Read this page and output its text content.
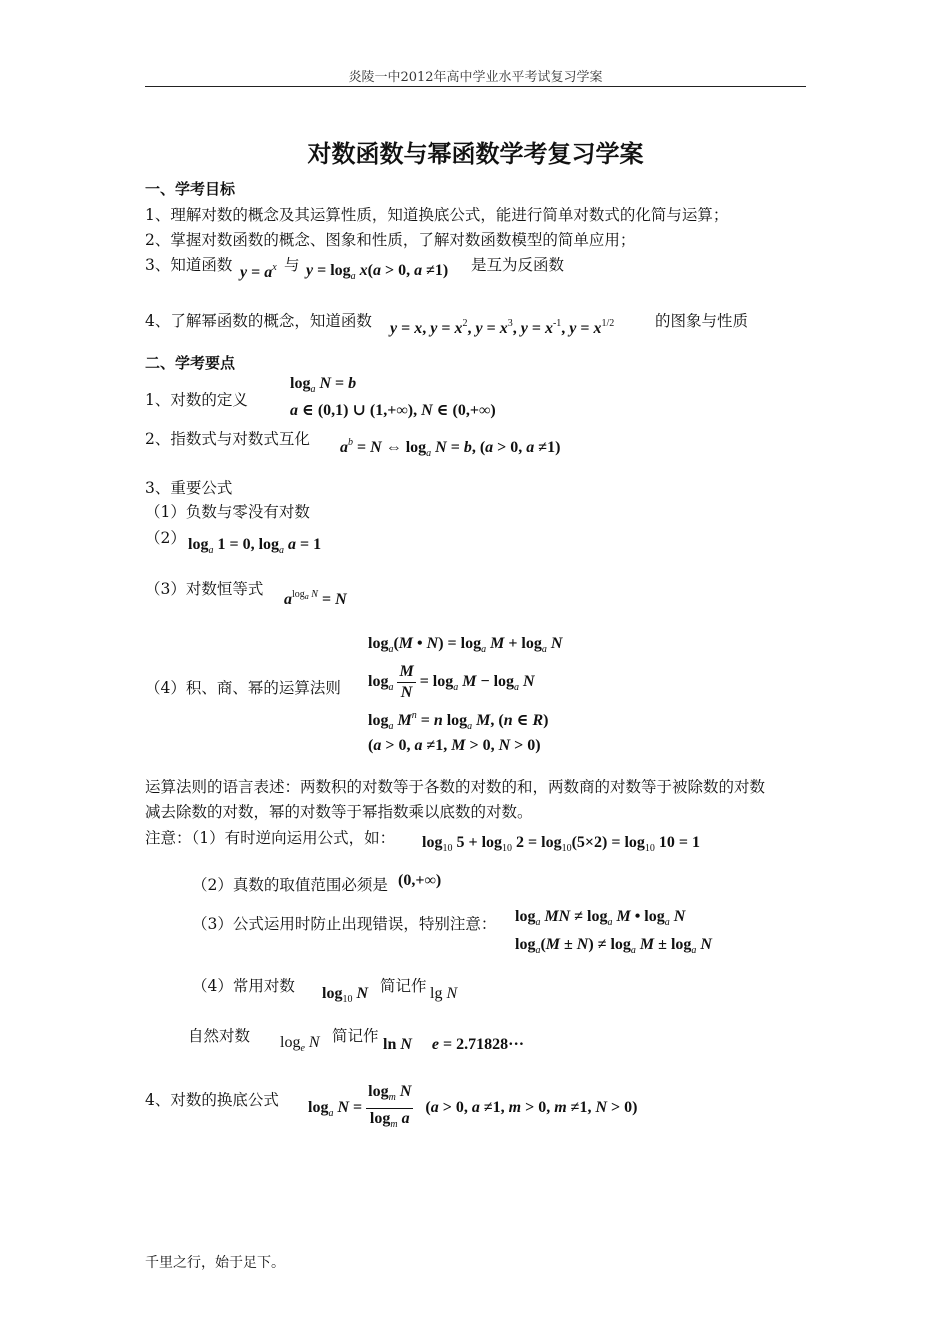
炎陵一中2012年高中学业水平考试复习学案
对数函数与幂函数学考复习学案
一、学考目标
1、理解对数的概念及其运算性质，知道换底公式，能进行简单对数式的化简与运算；
2、掌握对数函数的概念、图象和性质，了解对数函数模型的简单应用；
3、知道函数 $y = a^x$ 与 $y = \log_a x(a > 0$, a ≠1) 是互为反函数
4、了解幂函数的概念，知道函数 y = x, $y = x^2$, $y = x^3$, $y = x^{-1}$, $y = x^{1/2}$	的图象与性质
二、学考要点
1、对数的定义
$\log_a N = b$
a ∈ (0,1) ∪ (1,+∞), N ∈ (0,+∞)
2、指数式与对数式互化 $a^b = N$ ⇔ $\log_a N = b$, (a > 0, a ≠1)
3、重要公式
（1）负数与零没有对数
（2） $\log_a 1 = 0$, $\log_a a = 1$
（3）对数恒等式
$a^{log_a N} = N$
$\log_a(M$ • $N) = \log_a M + \log_a N$
（4）积、商、幂的运算法则 $\log_a \frac{M}{N} = \log_a M - \log_a N$
$\log_a M^n = n$ $\log_a M$, (n ∈ R)
(a > 0, a ≠1, M > 0, N > 0)
运算法则的语言表述：两数积的对数等于各数的对数的和，两数商的对数等于被除数的对数
减去除数的对数，幂的对数等于幂指数乘以底数的对数。
注意：（1）有时逆向运用公式，如： $\log_{10} 5 + \log_{10} 2 = \log_{10}(5\times 2) = \log_{10} 10 = 1$
（2）真数的取值范围必须是 (0,+∞)
（3）公式运用时防止出现错误，特别注意： $\log_a$ MN ≠ $\log_a M$ • $\log_a N$
$\log_a(M \pm N) \ne \log_a M \pm \log_a N$
（4）常用对数 $\log_{10} N$ 简记作 lg N
自然对数 $\log_e N$ 简记作 ln N e = 2.71828···
4、对数的换底公式 $\log_a N = \frac{\log_m N}{\log_m a} (a > 0$, a ≠1, m > 0, m ≠1, N > 0)
千里之行，始于足下。
